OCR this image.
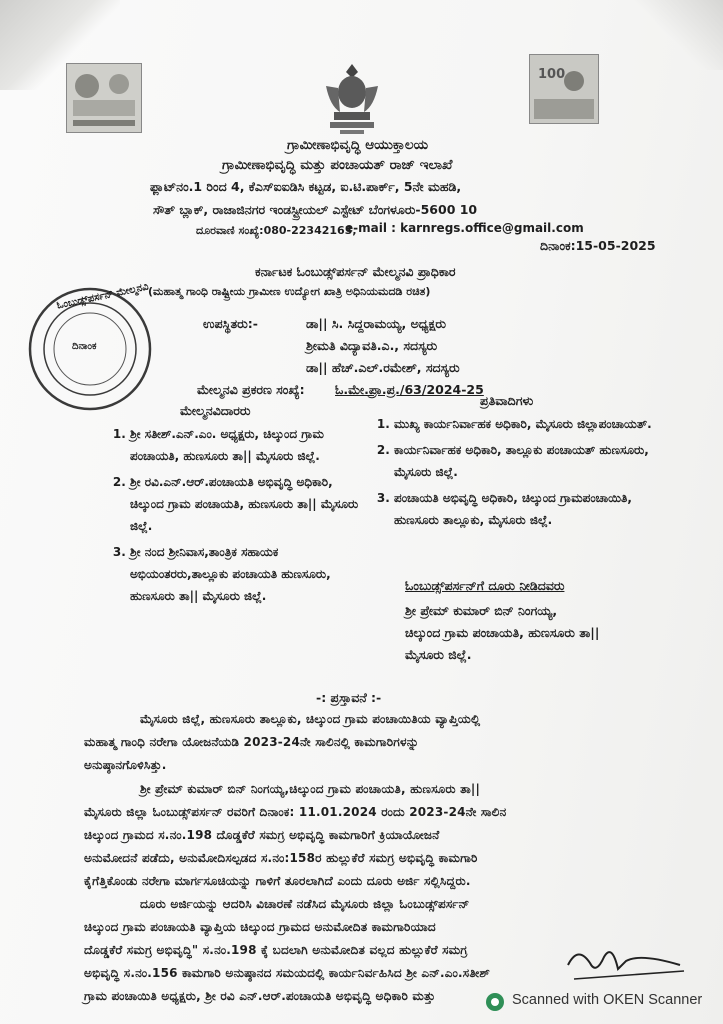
100
ಗ್ರಾಮೀಣಾಭಿವೃದ್ಧಿ ಆಯುಕ್ತಾಲಯ
ಗ್ರಾಮೀಣಾಭಿವೃದ್ಧಿ ಮತ್ತು ಪಂಚಾಯತ್ ರಾಜ್ ಇಲಾಖೆ
ಫ್ಲಾಟ್‌ನಂ.1 ರಿಂದ 4, ಕೆಎಸ್‌ಐಐಡಿಸಿ ಕಟ್ಟಡ, ಐ.ಟಿ.ಪಾರ್ಕ್, 5ನೇ ಮಹಡಿ,
ಸೌತ್ ಬ್ಲಾಕ್, ರಾಜಾಜಿನಗರ ಇಂಡಸ್ಟ್ರೀಯಲ್ ಎಸ್ಟೇಟ್ ಬೆಂಗಳೂರು-5600 10
ದೂರವಾಣಿ ಸಂಖ್ಯೆ:080-22342163,
e-mail : karnregs.office@gmail.com
ದಿನಾಂಕ:15-05-2025
ಕರ್ನಾಟಕ ಓಂಬುಡ್ಸ್‌ಪರ್ಸನ್ ಮೇಲ್ಮನವಿ ಪ್ರಾಧಿಕಾರ
(ಮಹಾತ್ಮ ಗಾಂಧಿ ರಾಷ್ಟ್ರೀಯ ಗ್ರಾಮೀಣ ಉದ್ಯೋಗ ಖಾತ್ರಿ ಅಧಿನಿಯಮದಡಿ ರಚಿತ)
ಓಂಬುಡ್ಸ್‌ಪರ್ಸನ್ ಮೇಲ್ಮನವಿ
ದಿನಾಂಕ
ಉಪಸ್ಥಿತರು:-	ಡಾ|| ಸಿ. ಸಿದ್ದರಾಮಯ್ಯ, ಅಧ್ಯಕ್ಷರು
ಶ್ರೀಮತಿ ವಿದ್ಯಾವತಿ.ಎ., ಸದಸ್ಯರು
ಡಾ|| ಹೆಚ್.ಎಲ್.ರಮೇಶ್, ಸದಸ್ಯರು
ಮೇಲ್ಮನವಿ ಪ್ರಕರಣ ಸಂಖ್ಯೆ: ಓ.ಮೇ.ಪ್ರಾ.ಪ್ರ./63/2024-25
ಮೇಲ್ಮನವಿದಾರರು
ಪ್ರತಿವಾದಿಗಳು
1. ಶ್ರೀ ಸತೀಶ್.ಎನ್.ಎಂ. ಅಧ್ಯಕ್ಷರು, ಚಿಲ್ಕುಂದ ಗ್ರಾಮ ಪಂಚಾಯತಿ, ಹುಣಸೂರು ತಾ|| ಮೈಸೂರು ಜಿಲ್ಲೆ.
2. ಶ್ರೀ ರವಿ.ಎನ್.ಆರ್.ಪಂಚಾಯತಿ ಅಭಿವೃದ್ಧಿ ಅಧಿಕಾರಿ, ಚಿಲ್ಕುಂದ ಗ್ರಾಮ ಪಂಚಾಯತಿ, ಹುಣಸೂರು ತಾ|| ಮೈಸೂರು ಜಿಲ್ಲೆ.
3. ಶ್ರೀ ನಂದ ಶ್ರೀನಿವಾಸ,ತಾಂತ್ರಿಕ ಸಹಾಯಕ ಅಭಿಯಂತರರು,ತಾಲ್ಲೂಕು ಪಂಚಾಯತಿ ಹುಣಸೂರು, ಹುಣಸೂರು ತಾ|| ಮೈಸೂರು ಜಿಲ್ಲೆ.
1. ಮುಖ್ಯ ಕಾರ್ಯನಿರ್ವಾಹಕ ಅಧಿಕಾರಿ, ಮೈಸೂರು ಜಿಲ್ಲಾಪಂಚಾಯತ್.
2. ಕಾರ್ಯನಿರ್ವಾಹಕ ಅಧಿಕಾರಿ, ತಾಲ್ಲೂಕು ಪಂಚಾಯತ್ ಹುಣಸೂರು, ಮೈಸೂರು ಜಿಲ್ಲೆ.
3. ಪಂಚಾಯತಿ ಅಭಿವೃದ್ಧಿ ಅಧಿಕಾರಿ, ಚಿಲ್ಕುಂದ ಗ್ರಾಮಪಂಚಾಯಿತಿ, ಹುಣಸೂರು ತಾಲ್ಲೂಕು, ಮೈಸೂರು ಜಿಲ್ಲೆ.
ಓಂಬುಡ್ಸ್‌ಪರ್ಸನ್‌ಗೆ ದೂರು ನೀಡಿದವರು
ಶ್ರೀ ಪ್ರೇಮ್ ಕುಮಾರ್ ಬಿನ್ ನಿಂಗಯ್ಯ,
ಚಿಲ್ಕುಂದ ಗ್ರಾಮ ಪಂಚಾಯತಿ, ಹುಣಸೂರು ತಾ||
ಮೈಸೂರು ಜಿಲ್ಲೆ.
-: ಪ್ರಸ್ತಾವನೆ :-
ಮೈಸೂರು ಜಿಲ್ಲೆ, ಹುಣಸೂರು ತಾಲ್ಲೂಕು, ಚಿಲ್ಕುಂದ ಗ್ರಾಮ ಪಂಚಾಯಿತಿಯ ವ್ಯಾಪ್ತಿಯಲ್ಲಿ
ಮಹಾತ್ಮ ಗಾಂಧಿ ನರೇಗಾ ಯೋಜನೆಯಡಿ 2023-24ನೇ ಸಾಲಿನಲ್ಲಿ ಕಾಮಗಾರಿಗಳನ್ನು
ಅನುಷ್ಠಾನಗೊಳಿಸಿತ್ತು.
ಶ್ರೀ ಪ್ರೇಮ್ ಕುಮಾರ್ ಬಿನ್ ನಿಂಗಯ್ಯ,ಚಿಲ್ಕುಂದ ಗ್ರಾಮ ಪಂಚಾಯತಿ, ಹುಣಸೂರು ತಾ||
ಮೈಸೂರು ಜಿಲ್ಲಾ ಓಂಬುಡ್ಸ್‌ಪರ್ಸನ್ ರವರಿಗೆ ದಿನಾಂಕ: 11.01.2024 ರಂದು 2023-24ನೇ ಸಾಲಿನ
ಚಿಲ್ಕುಂದ ಗ್ರಾಮದ ಸ.ನಂ.198 ದೊಡ್ಡಕೆರೆ ಸಮಗ್ರ ಅಭಿವೃದ್ಧಿ ಕಾಮಗಾರಿಗೆ ಕ್ರಿಯಾಯೋಜನೆ
ಅನುಮೋದನೆ ಪಡೆದು, ಅನುಮೋದಿಸಲ್ಪಡದ ಸ.ನಂ:158ರ ಹುಲ್ಲುಕೆರೆ ಸಮಗ್ರ ಅಭಿವೃದ್ಧಿ ಕಾಮಗಾರಿ
ಕೈಗೆತ್ತಿಕೊಂಡು ನರೇಗಾ ಮಾರ್ಗಸೂಚಿಯನ್ನು ಗಾಳಿಗೆ ತೂರಲಾಗಿದೆ ಎಂದು ದೂರು ಅರ್ಜಿ ಸಲ್ಲಿಸಿದ್ದರು.
ದೂರು ಅರ್ಜಿಯನ್ನು ಆದರಿಸಿ ವಿಚಾರಣೆ ನಡೆಸಿದ ಮೈಸೂರು ಜಿಲ್ಲಾ ಓಂಬುಡ್ಸ್‌ಪರ್ಸನ್
ಚಿಲ್ಕುಂದ ಗ್ರಾಮ ಪಂಚಾಯತಿ ವ್ಯಾಪ್ತಿಯ ಚಿಲ್ಕುಂದ ಗ್ರಾಮದ ಅನುಮೋದಿತ ಕಾಮಗಾರಿಯಾದ
ದೊಡ್ಡಕೆರೆ ಸಮಗ್ರ ಅಭಿವೃದ್ಧಿ" ಸ.ನಂ.198 ಕ್ಕೆ ಬದಲಾಗಿ ಅನುಮೋದಿತ ವಲ್ಲದ ಹುಲ್ಲುಕೆರೆ ಸಮಗ್ರ
ಅಭಿವೃದ್ಧಿ ಸ.ನಂ.156 ಕಾಮಗಾರಿ ಅನುಷ್ಠಾನದ ಸಮಯದಲ್ಲಿ ಕಾರ್ಯನಿರ್ವಹಿಸಿದ ಶ್ರೀ ಎನ್.ಎಂ.ಸತೀಶ್
ಗ್ರಾಮ ಪಂಚಾಯಿತಿ ಅಧ್ಯಕ್ಷರು, ಶ್ರೀ ರವಿ ಎನ್.ಆರ್.ಪಂಚಾಯತಿ ಅಭಿವೃದ್ಧಿ ಅಧಿಕಾರಿ ಮತ್ತು	Scanned with OKEN Scanner
